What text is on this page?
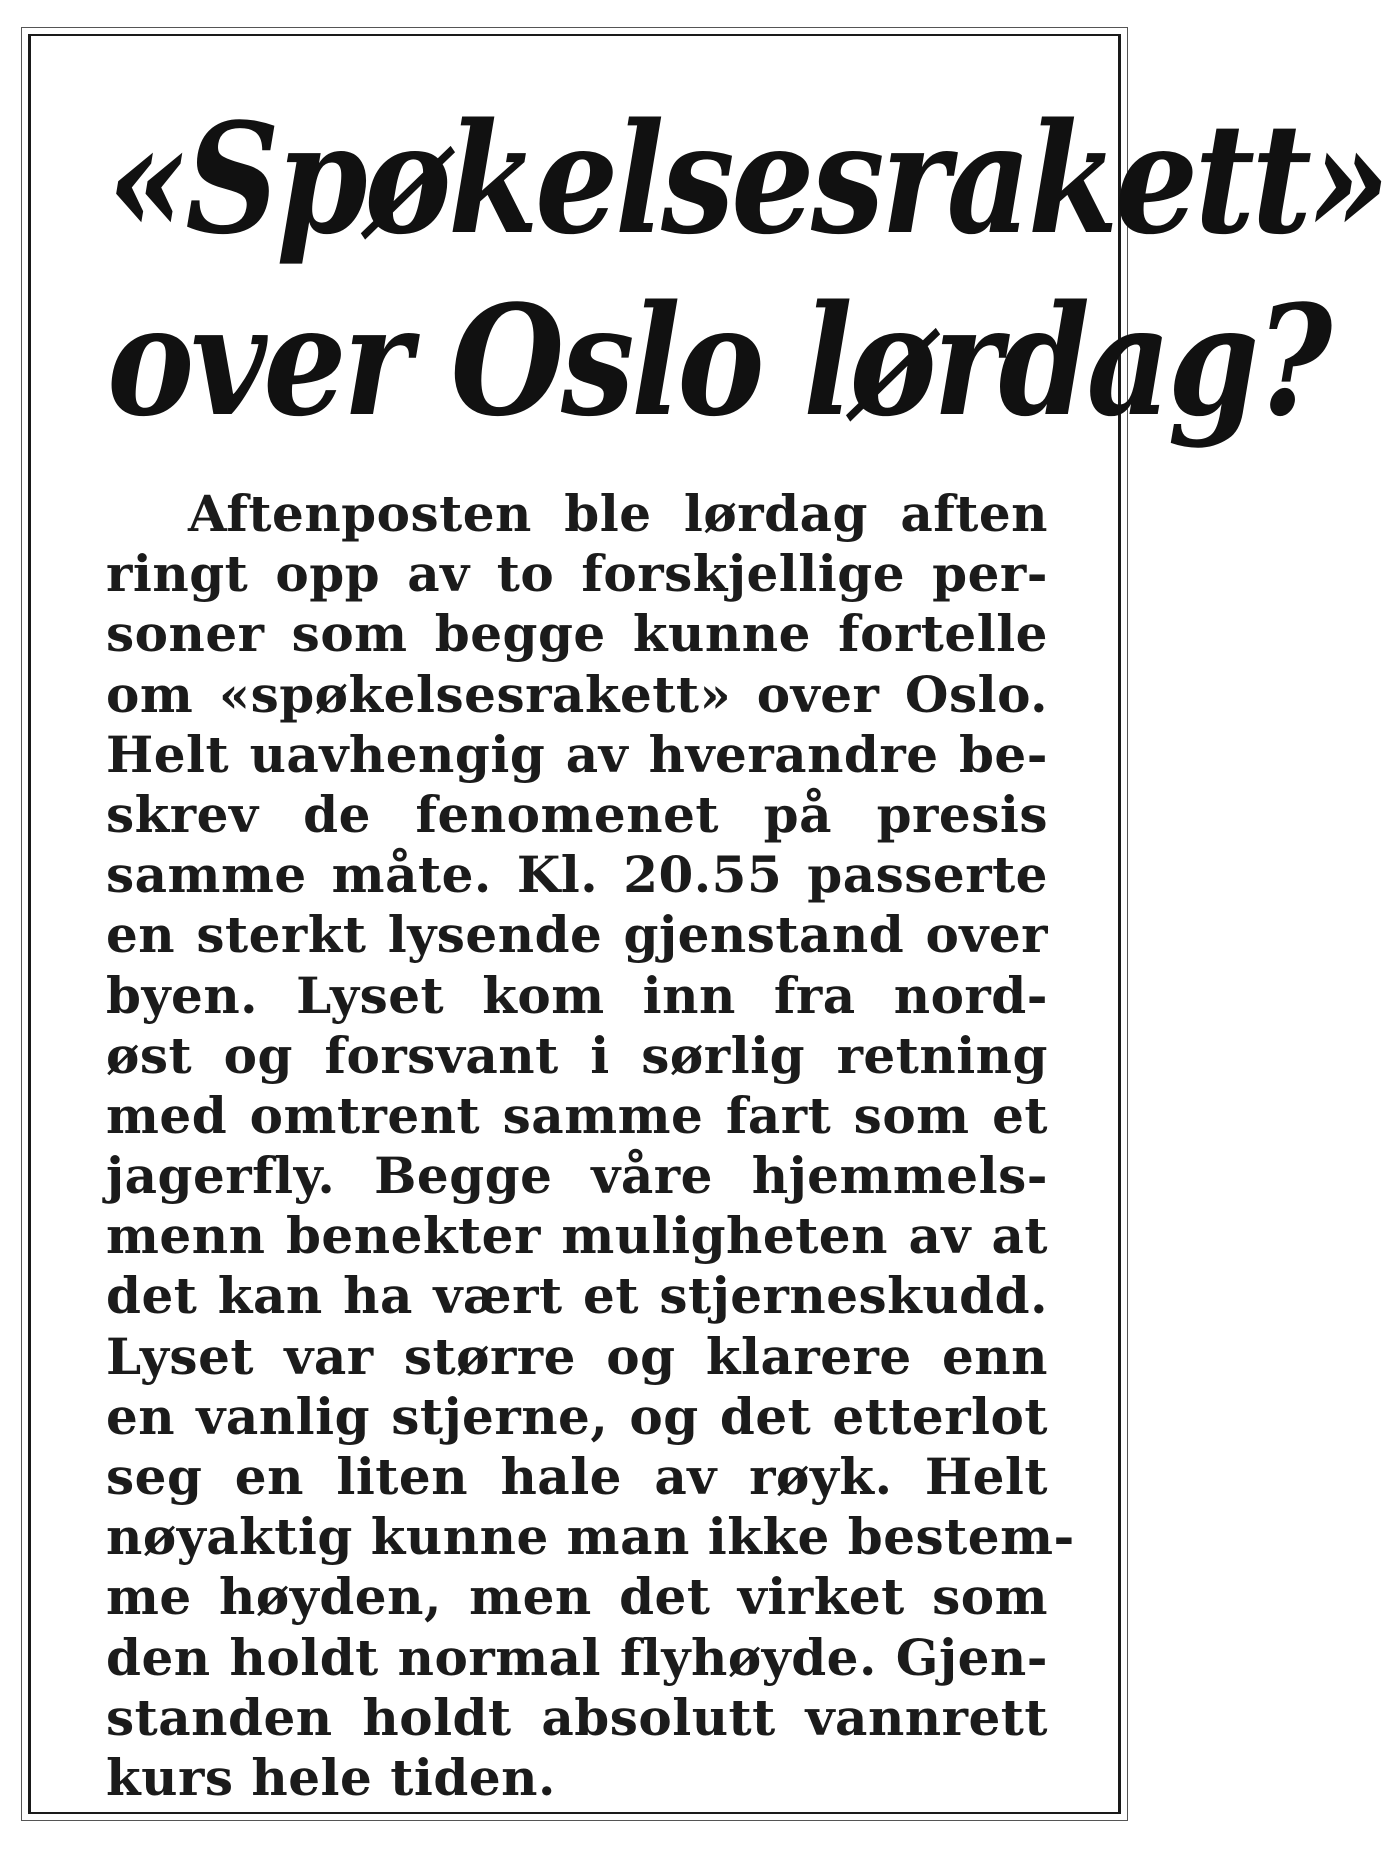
«Spøkelsesrakett»
over Oslo lørdag?
Aftenposten ble lørdag aften
ringt opp av to forskjellige per-
soner som begge kunne fortelle
om «spøkelsesrakett» over Oslo.
Helt uavhengig av hverandre be-
skrev de fenomenet på presis
samme måte. Kl. 20.55 passerte
en sterkt lysende gjenstand over
byen. Lyset kom inn fra nord-
øst og forsvant i sørlig retning
med omtrent samme fart som et
jagerfly. Begge våre hjemmels-
menn benekter muligheten av at
det kan ha vært et stjerneskudd.
Lyset var større og klarere enn
en vanlig stjerne, og det etterlot
seg en liten hale av røyk. Helt
nøyaktig kunne man ikke bestem-
me høyden, men det virket som
den holdt normal flyhøyde. Gjen-
standen holdt absolutt vannrett
kurs hele tiden.
